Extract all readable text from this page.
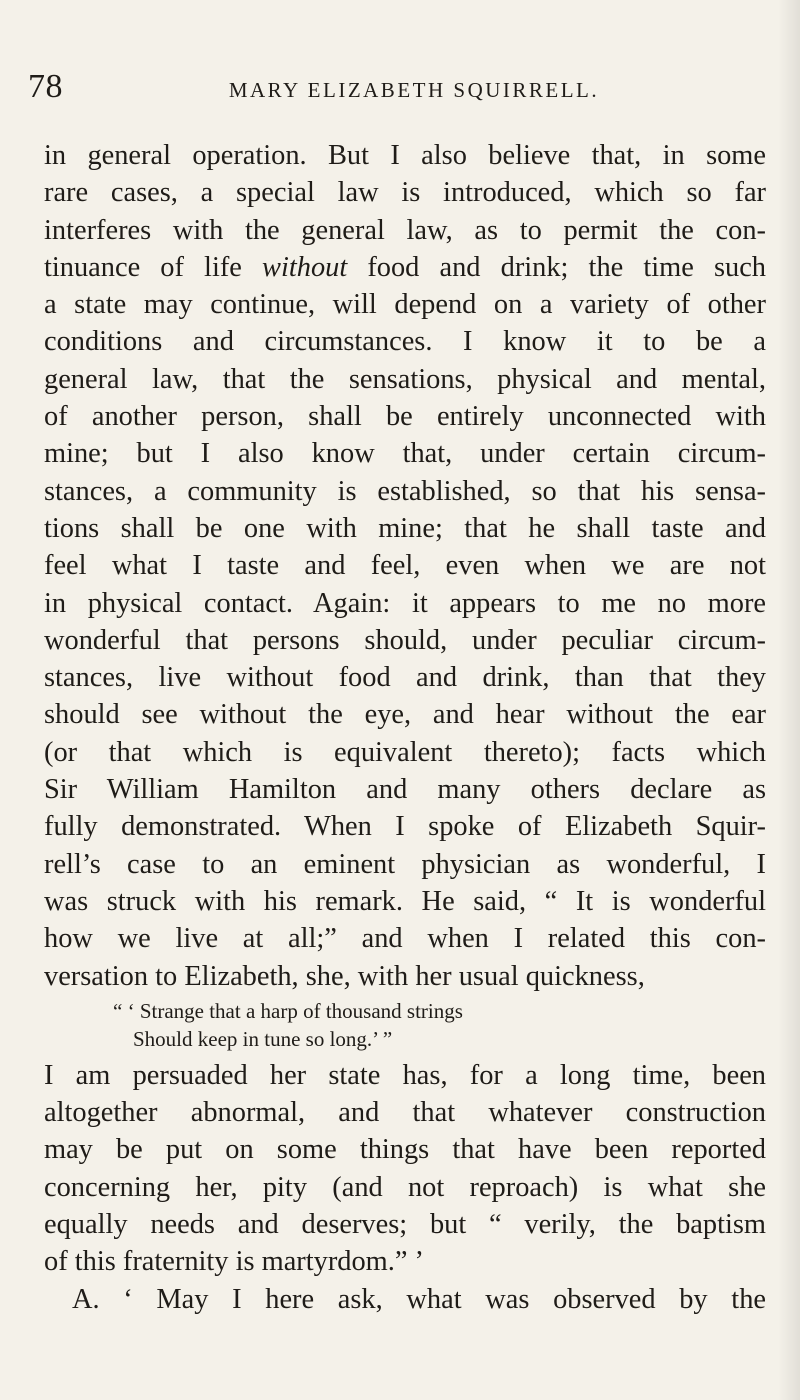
78	MARY ELIZABETH SQUIRRELL.
in general operation. But I also believe that, in some
rare cases, a special law is introduced, which so far
interferes with the general law, as to permit the con-
tinuance of life without food and drink; the time such
a state may continue, will depend on a variety of other
conditions and circumstances. I know it to be a
general law, that the sensations, physical and mental,
of another person, shall be entirely unconnected with
mine; but I also know that, under certain circum-
stances, a community is established, so that his sensa-
tions shall be one with mine; that he shall taste and
feel what I taste and feel, even when we are not
in physical contact. Again: it appears to me no more
wonderful that persons should, under peculiar circum-
stances, live without food and drink, than that they
should see without the eye, and hear without the ear
(or that which is equivalent thereto); facts which
Sir William Hamilton and many others declare as
fully demonstrated. When I spoke of Elizabeth Squir-
rell’s case to an eminent physician as wonderful, I
was struck with his remark. He said, “ It is wonderful
how we live at all;” and when I related this con-
versation to Elizabeth, she, with her usual quickness,
“ ‘ Strange that a harp of thousand strings
Should keep in tune so long.’ ”
I am persuaded her state has, for a long time, been
altogether abnormal, and that whatever construction
may be put on some things that have been reported
concerning her, pity (and not reproach) is what she
equally needs and deserves; but “ verily, the baptism
of this fraternity is martyrdom.” ’
A. ‘ May I here ask, what was observed by the
